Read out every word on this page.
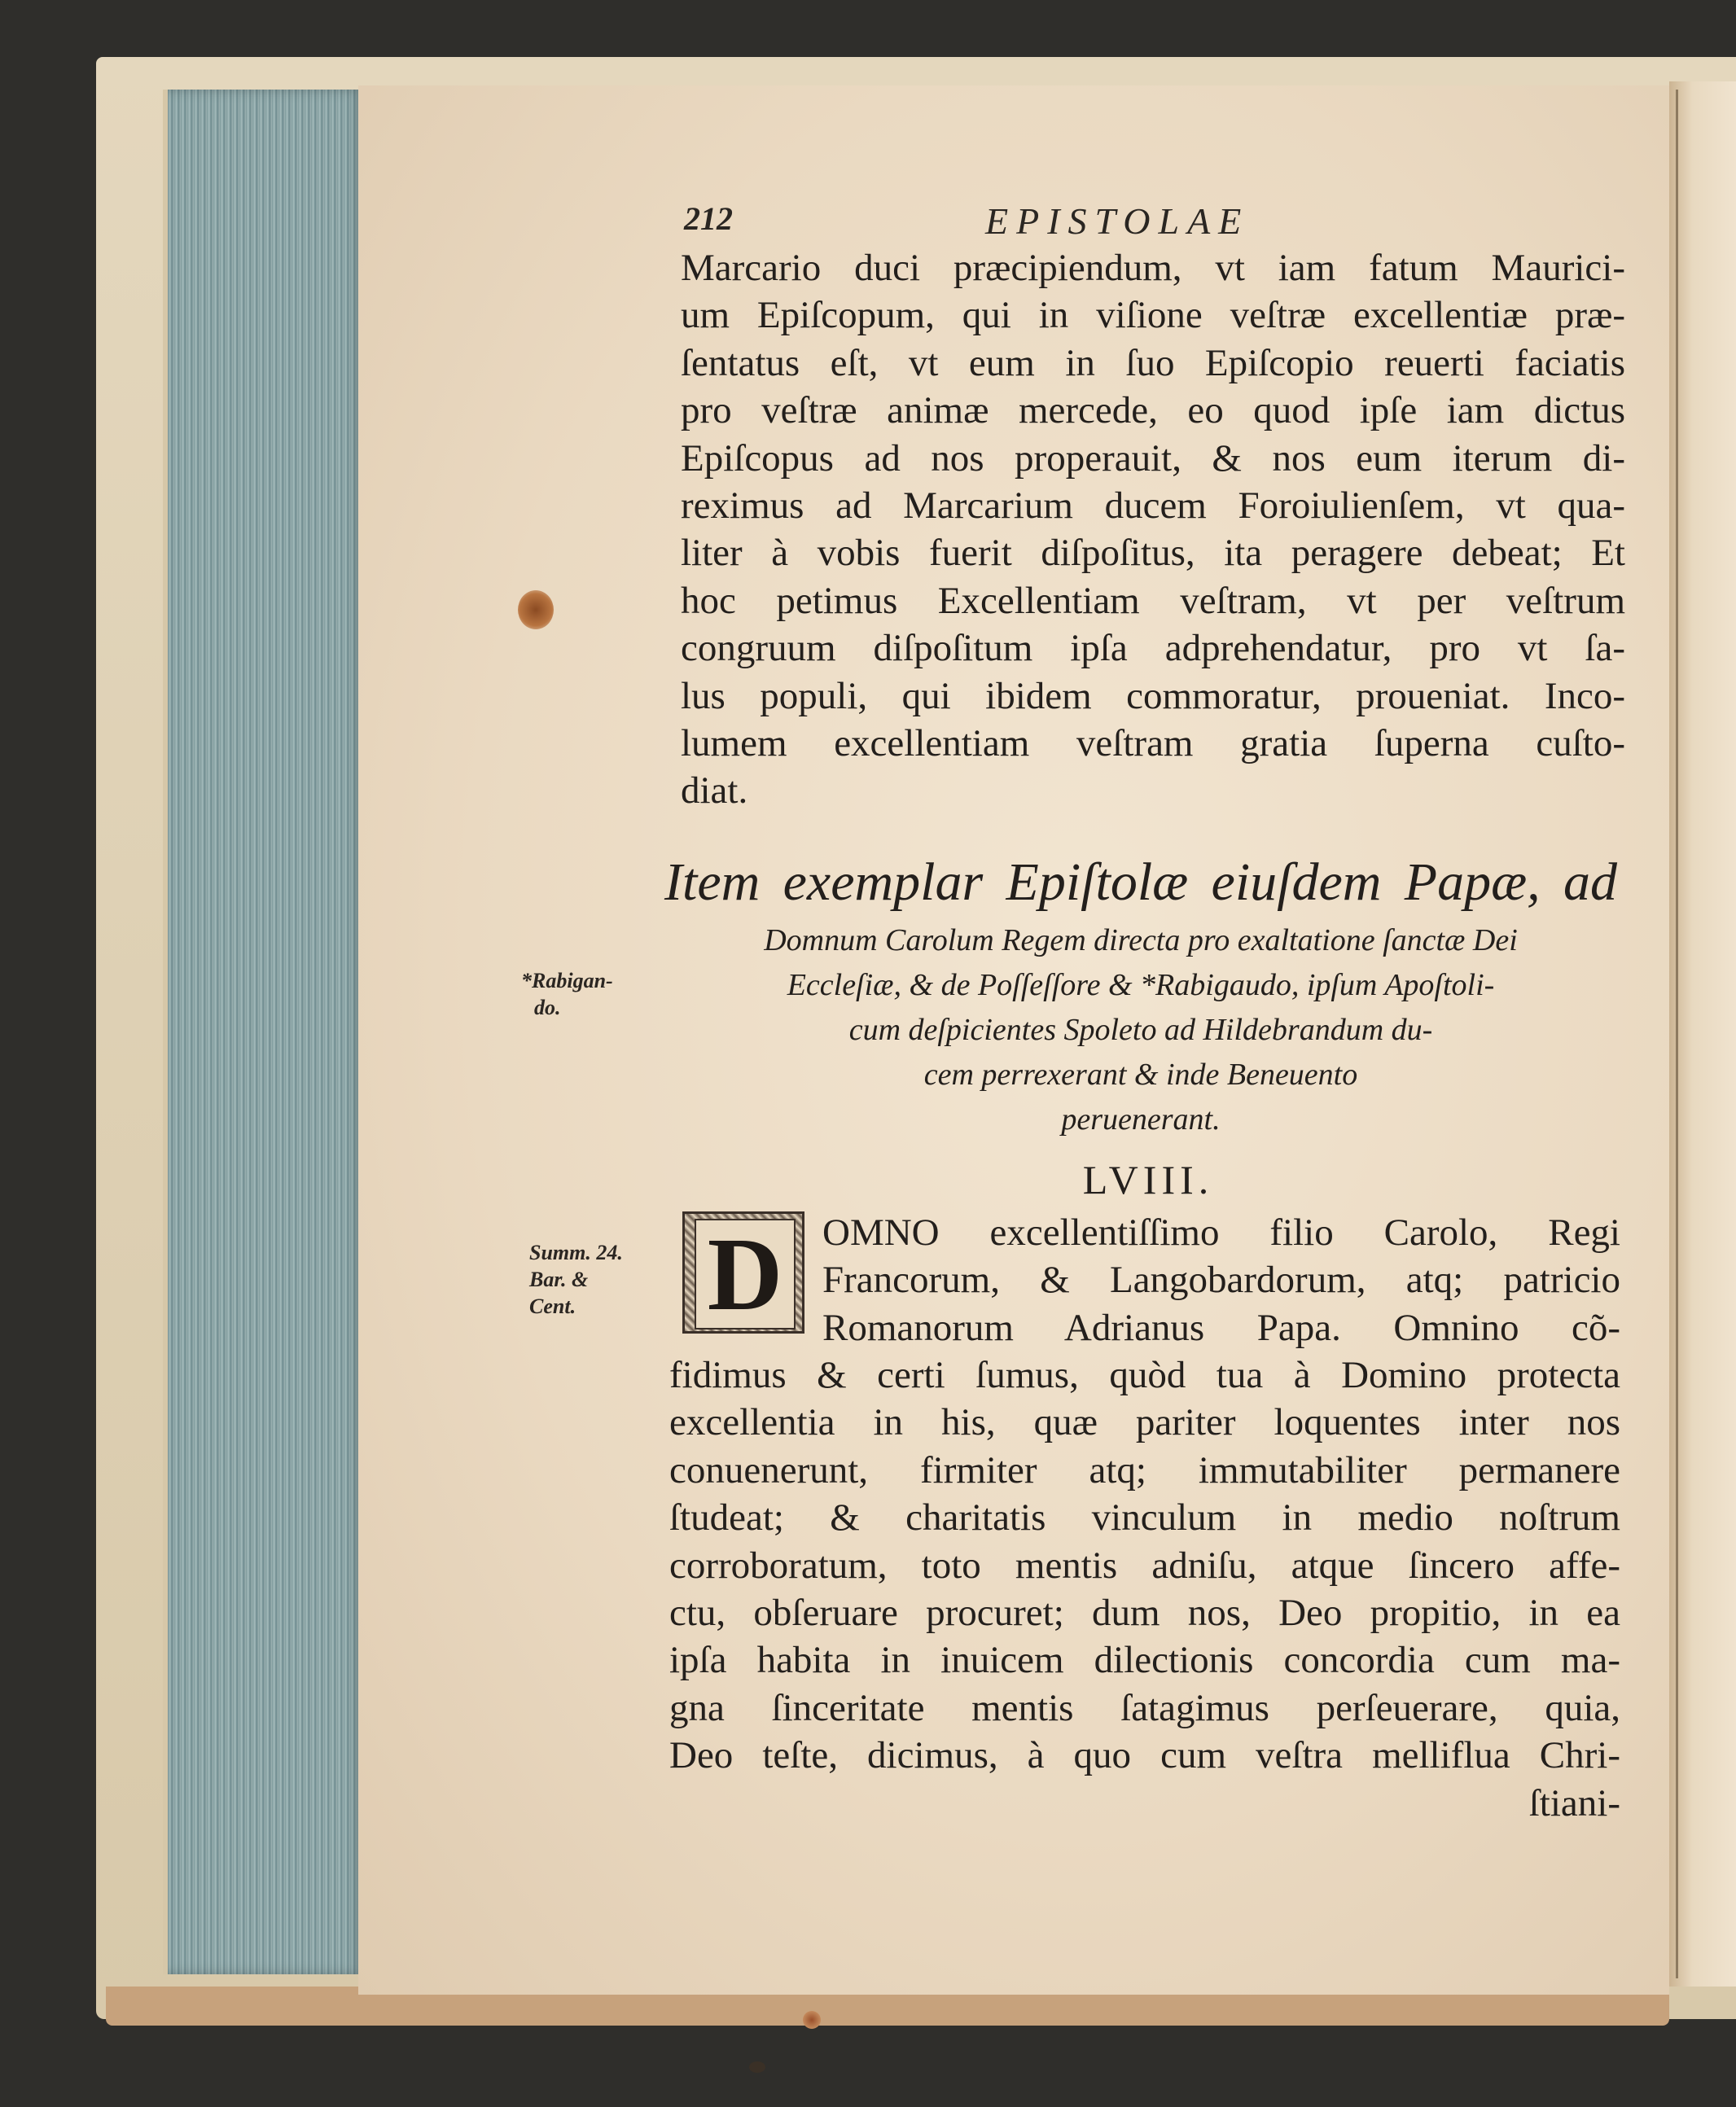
212	EPISTOLAE
Marcario duci præcipiendum, vt iam fatum Maurici-
um Epiſcopum, qui in viſione veſtræ excellentiæ præ-
ſentatus eſt, vt eum in ſuo Epiſcopio reuerti faciatis
pro veſtræ animæ mercede, eo quod ipſe iam dictus
Epiſcopus ad nos properauit, & nos eum iterum di-
reximus ad Marcarium ducem Foroiulienſem, vt qua-
liter à vobis fuerit diſpoſitus, ita peragere debeat; Et
hoc petimus Excellentiam veſtram, vt per veſtrum
congruum diſpoſitum ipſa adprehendatur, pro vt ſa-
lus populi, qui ibidem commoratur, proueniat. Inco-
lumem excellentiam veſtram gratia ſuperna cuſto-
diat.
Item exemplar Epiſtolæ eiuſdem Papæ, ad
Domnum Carolum Regem directa pro exaltatione ſanctæ Dei
Eccleſiæ, & de Poſſeſſore & *Rabigaudo, ipſum Apoſtoli-
cum deſpicientes Spoleto ad Hildebrandum du-
cem perrexerant & inde Beneuento
peruenerant.
LVIII.
D	OMNO excellentiſſimo filio Carolo, Regi
Francorum, & Langobardorum, atq; patricio
Romanorum Adrianus Papa. Omnino cõ-
fidimus & certi ſumus, quòd tua à Domino protecta
excellentia in his, quæ pariter loquentes inter nos
conuenerunt, firmiter atq; immutabiliter permanere
ſtudeat; & charitatis vinculum in medio noſtrum
corroboratum, toto mentis adniſu, atque ſincero affe-
ctu, obſeruare procuret; dum nos, Deo propitio, in ea
ipſa habita in inuicem dilectionis concordia cum ma-
gna ſinceritate mentis ſatagimus perſeuerare, quia,
Deo teſte, dicimus, à quo cum veſtra melliflua Chri-
ſtiani-
*Rabigan-
do.
Summ. 24.
Bar. &
Cent.
